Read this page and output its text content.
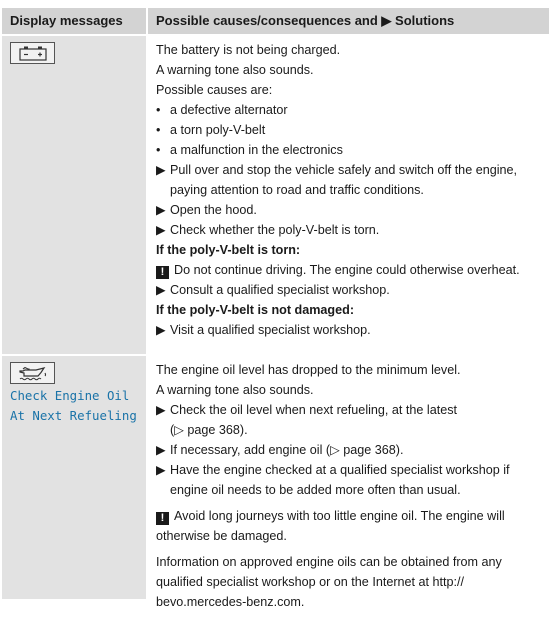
Display messages	Possible causes/consequences and ▶ Solutions
The battery is not being charged.
A warning tone also sounds.
Possible causes are:
• a defective alternator
• a torn poly-V-belt
• a malfunction in the electronics
▶ Pull over and stop the vehicle safely and switch off the engine,
paying attention to road and traffic conditions.
▶ Open the hood.
▶ Check whether the poly-V-belt is torn.
If the poly-V-belt is torn:
! Do not continue driving. The engine could otherwise overheat.
▶ Consult a qualified specialist workshop.
If the poly-V-belt is not damaged:
▶ Visit a qualified specialist workshop.
Check Engine Oil
At Next Refueling
The engine oil level has dropped to the minimum level.
A warning tone also sounds.
▶ Check the oil level when next refueling, at the latest
(▷ page 368).
▶ If necessary, add engine oil (▷ page 368).
▶ Have the engine checked at a qualified specialist workshop if
engine oil needs to be added more often than usual.
! Avoid long journeys with too little engine oil. The engine will
otherwise be damaged.
Information on approved engine oils can be obtained from any
qualified specialist workshop or on the Internet at http://
bevo.mercedes-benz.com.
